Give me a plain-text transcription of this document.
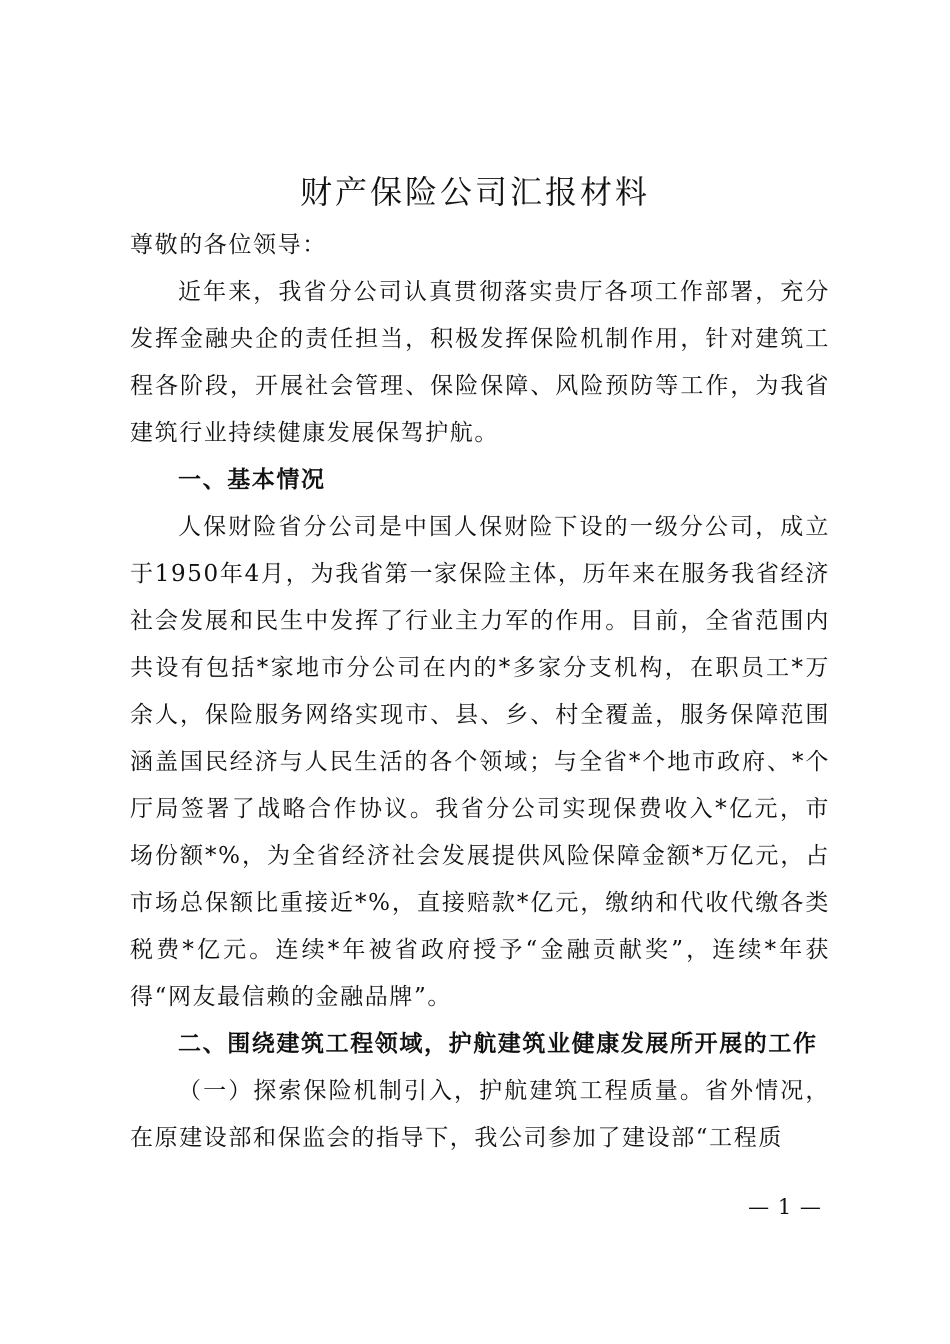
财产保险公司汇报材料

尊敬的各位领导：

近年来，我省分公司认真贯彻落实贵厅各项工作部署，充分发挥金融央企的责任担当，积极发挥保险机制作用，针对建筑工程各阶段，开展社会管理、保险保障、风险预防等工作，为我省建筑行业持续健康发展保驾护航。

一、基本情况

人保财险省分公司是中国人保财险下设的一级分公司，成立于1950年4月，为我省第一家保险主体，历年来在服务我省经济社会发展和民生中发挥了行业主力军的作用。目前，全省范围内共设有包括*家地市分公司在内的*多家分支机构，在职员工*万余人，保险服务网络实现市、县、乡、村全覆盖，服务保障范围涵盖国民经济与人民生活的各个领域；与全省*个地市政府、*个厅局签署了战略合作协议。我省分公司实现保费收入*亿元，市场份额*%，为全省经济社会发展提供风险保障金额*万亿元，占市场总保额比重接近*%，直接赔款*亿元，缴纳和代收代缴各类税费*亿元。连续*年被省政府授予“金融贡献奖”，连续*年获得“网友最信赖的金融品牌”。

二、围绕建筑工程领域，护航建筑业健康发展所开展的工作

（一）探索保险机制引入，护航建筑工程质量。省外情况，在原建设部和保监会的指导下，我公司参加了建设部“工程质

— 1 —
